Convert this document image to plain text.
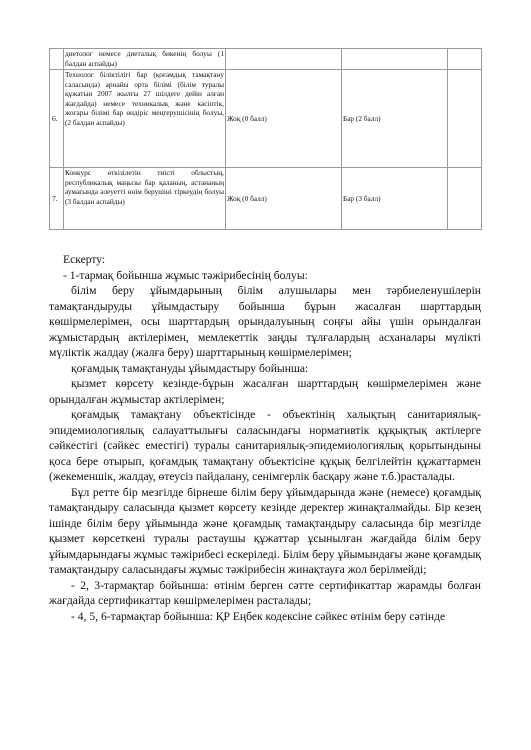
	диетолог немесе диеталық бикенің болуы (1 балдан аспайды)			
6.	Технолог біліктілігі бар (қоғамдық тамақтану саласында) арнайы орта білімі (білім туралы құжатын 2007 жылғы 27 шілдеге дейін алған жағдайда) немесе техникалық және кәсіптік, жоғары білімі бар өндіріс меңгерушісінің болуы, (2 балдан аспайды)	Жоқ (0 балл)	Бар (2 балл)	
7.	Конкурс өткізілетін тиісті облыстың, республикалық маңызы бар қаланың, астананың аумағында әлеуетті өнім берушіні тіркеудің болуы (3 балдан аспайды)	Жоқ (0 балл)	Бар (3 балл)	

Ескерту:

- 1-тармақ бойынша жұмыс тәжірибесінің болуы:

білім беру ұйымдарының білім алушылары мен тәрбиеленушілерін тамақтандыруды ұйымдастыру бойынша бұрын жасалған шарттардың көшірмелерімен, осы шарттардың орындалуының соңғы айы үшін орындалған жұмыстардың актілерімен, мемлекеттік заңды тұлғалардың асханалары мүлікті мүліктік жалдау (жалға беру) шарттарының көшірмелерімен;

қоғамдық тамақтануды ұйымдастыру бойынша:

қызмет көрсету кезінде-бұрын жасалған шарттардың көшірмелерімен және орындалған жұмыстар актілерімен;

қоғамдық тамақтану объектісінде - объектінің халықтың санитариялық-эпидемиологиялық салауаттылығы саласындағы нормативтік құқықтық актілерге сәйкестігі (сәйкес еместігі) туралы санитариялық-эпидемиологиялық қорытындыны қоса бере отырып, қоғамдық тамақтану объектісіне құқық белгілейтін құжаттармен (жекеменшік, жалдау, өтеусіз пайдалану, сенімгерлік басқару және т.б.)расталады.

Бұл ретте бір мезгілде бірнеше білім беру ұйымдарында және (немесе) қоғамдық тамақтандыру саласында қызмет көрсету кезінде деректер жинақталмайды. Бір кезең ішінде білім беру ұйымында және қоғамдық тамақтандыру саласында бір мезгілде қызмет көрсеткені туралы растаушы құжаттар ұсынылған жағдайда білім беру ұйымдарындағы жұмыс тәжірибесі ескеріледі. Білім беру ұйымындағы және қоғамдық тамақтандыру саласындағы жұмыс тәжірибесін жинақтауға жол берілмейді;

- 2, 3-тармақтар бойынша: өтінім берген сәтте сертификаттар жарамды болған жағдайда сертификаттар көшірмелерімен расталады;

- 4, 5, 6-тармақтар бойынша: ҚР Еңбек кодексіне сәйкес өтінім беру сәтінде
